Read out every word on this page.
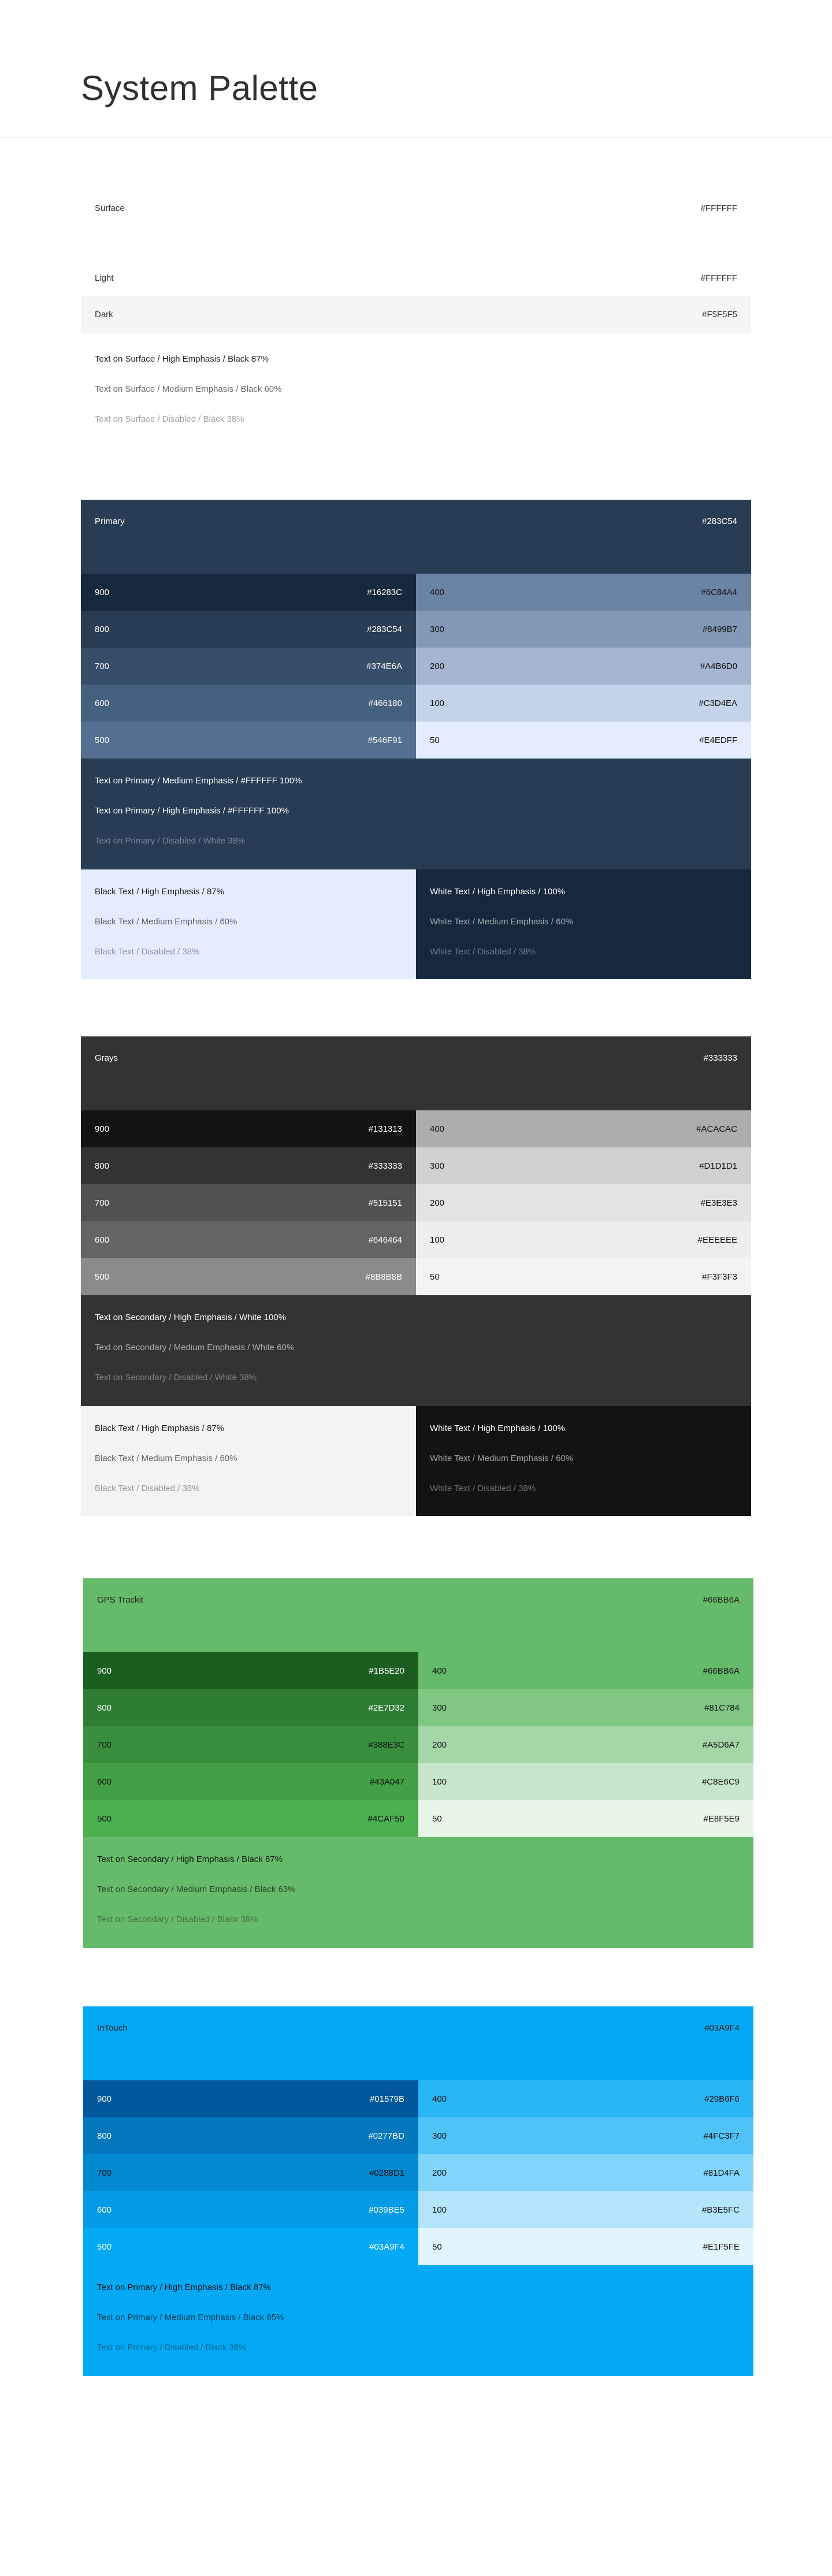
System Palette
Surface	#FFFFFF
Light	#FFFFFF
Dark	#F5F5F5
Text on Surface / High Emphasis / Black 87%
Text on Surface / Medium Emphasis / Black 60%
Text on Surface / Disabled / Black 38%
Primary	#283C54
900	#16283C
800	#283C54
700	#374E6A
600	#466180
500	#546F91
400	#6C84A4
300	#8499B7
200	#A4B6D0
100	#C3D4EA
50	#E4EDFF
Text on Primary / Medium Emphasis / #FFFFFF 100%
Text on Primary / High Emphasis / #FFFFFF 100%
Text on Primary / Disabled / White 38%
Black Text / High Emphasis / 87%
Black Text / Medium Emphasis / 60%
Black Text / Disabled / 38%
White Text / High Emphasis / 100%
White Text / Medium Emphasis / 60%
White Text / Disabled / 38%
Grays	#333333
900	#131313
800	#333333
700	#515151
600	#646464
500	#8B8B8B
400	#ACACAC
300	#D1D1D1
200	#E3E3E3
100	#EEEEEE
50	#F3F3F3
Text on Secondary / High Emphasis / White 100%
Text on Secondary / Medium Emphasis / White 60%
Text on Secondary / Disabled / White 38%
Black Text / High Emphasis / 87%
Black Text / Medium Emphasis / 60%
Black Text / Disabled / 38%
White Text / High Emphasis / 100%
White Text / Medium Emphasis / 60%
White Text / Disabled / 38%
GPS Trackit	#66BB6A
900	#1B5E20
800	#2E7D32
700	#388E3C
600	#43A047
500	#4CAF50
400	#66BB6A
300	#81C784
200	#A5D6A7
100	#C8E6C9
50	#E8F5E9
Text on Secondary / High Emphasis / Black 87%
Text on Secondary / Medium Emphasis / Black 63%
Text on Secondary / Disabled / Black 38%
InTouch	#03A9F4
900	#01579B
800	#0277BD
700	#0288D1
600	#039BE5
500	#03A9F4
400	#29B6F6
300	#4FC3F7
200	#81D4FA
100	#B3E5FC
50	#E1F5FE
Text on Primary / High Emphasis / Black 87%
Text on Primary / Medium Emphasis / Black 65%
Text on Primary / Disabled / Black 38%
